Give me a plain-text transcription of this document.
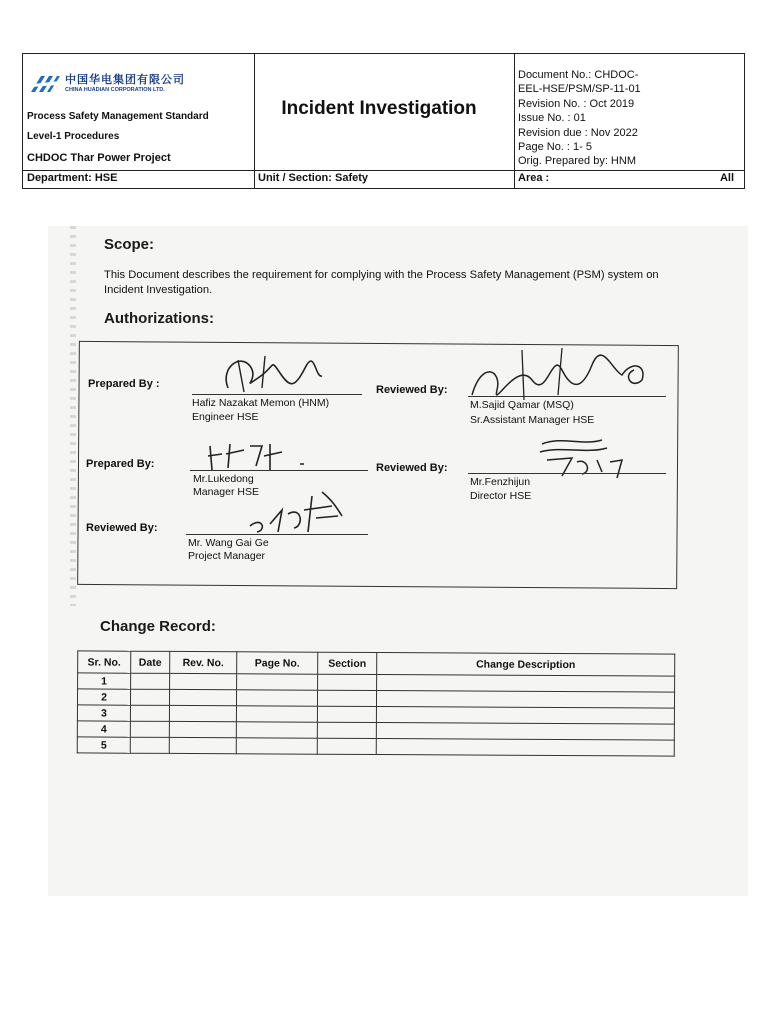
中国华电集团有限公司
CHINA HUADIAN CORPORATION LTD.
Process Safety Management Standard
Level-1 Procedures
CHDOC Thar Power Project
Incident Investigation
Document No.: CHDOC-
EEL-HSE/PSM/SP-11-01
Revision No. : Oct 2019
Issue No. : 01
Revision due : Nov 2022
Page No. : 1- 5
Orig. Prepared by: HNM
Department: HSE	Unit / Section: Safety	Area :	All
Scope:
This Document describes the requirement for complying with the Process Safety Management (PSM) system on Incident Investigation.
Authorizations:
Prepared By :
Hafiz Nazakat Memon (HNM)
Engineer HSE
Reviewed By:
M.Sajid Qamar (MSQ)
Sr.Assistant Manager HSE
Prepared By:
Mr.Lukedong
Manager HSE
Reviewed By:
Mr.Fenzhijun
Director HSE
Reviewed By:
Mr. Wang Gai Ge
Project Manager
Change Record:
Sr. No.	Date	Rev. No.	Page No.	Section	Change Description
1					
2					
3					
4					
5					
